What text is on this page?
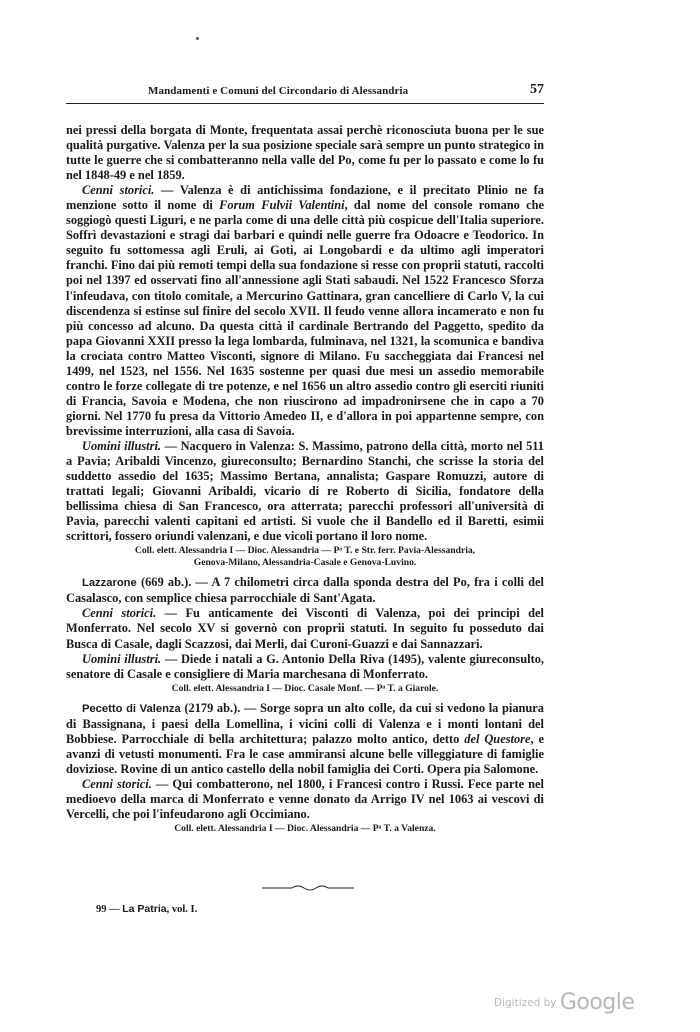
Mandamenti e Comuni del Circondario di Alessandria	57

nei pressi della borgata di Monte, frequentata assai perchè riconosciuta buona per le sue qualità purgative. Valenza per la sua posizione speciale sarà sempre un punto strategico in tutte le guerre che si combatteranno nella valle del Po, come fu per lo passato e come lo fu nel 1848-49 e nel 1859.

Cenni storici. — Valenza è di antichissima fondazione, e il precitato Plinio ne fa menzione sotto il nome di Forum Fulvii Valentini, dal nome del console romano che soggiogò questi Liguri, e ne parla come di una delle città più cospicue dell'Italia superiore. Soffrì devastazioni e stragi dai barbari e quindi nelle guerre fra Odoacre e Teodorico. In seguito fu sottomessa agli Eruli, ai Goti, ai Longobardi e da ultimo agli imperatori franchi. Fino dai più remoti tempi della sua fondazione si resse con proprii statuti, raccolti poi nel 1397 ed osservati fino all'annessione agli Stati sabaudi. Nel 1522 Francesco Sforza l'infeudava, con titolo comitale, a Mercurino Gattinara, gran cancelliere di Carlo V, la cui discendenza si estinse sul finire del secolo XVII. Il feudo venne allora incamerato e non fu più concesso ad alcuno. Da questa città il cardinale Bertrando del Paggetto, spedito da papa Giovanni XXII presso la lega lombarda, fulminava, nel 1321, la scomunica e bandiva la crociata contro Matteo Visconti, signore di Milano. Fu saccheggiata dai Francesi nel 1499, nel 1523, nel 1556. Nel 1635 sostenne per quasi due mesi un assedio memorabile contro le forze collegate di tre potenze, e nel 1656 un altro assedio contro gli eserciti riuniti di Francia, Savoia e Modena, che non riuscirono ad impadronirsene che in capo a 70 giorni. Nel 1770 fu presa da Vittorio Amedeo II, e d'allora in poi appartenne sempre, con brevissime interruzioni, alla casa di Savoia.

Uomini illustri. — Nacquero in Valenza: S. Massimo, patrono della città, morto nel 511 a Pavia; Aribaldi Vincenzo, giureconsulto; Bernardino Stanchi, che scrisse la storia del suddetto assedio del 1635; Massimo Bertana, annalista; Gaspare Romuzzi, autore di trattati legali; Giovanni Aribaldi, vicario di re Roberto di Sicilia, fondatore della bellissima chiesa di San Francesco, ora atterrata; parecchi professori all'università di Pavia, parecchi valenti capitani ed artisti. Si vuole che il Bandello ed il Baretti, esimii scrittori, fossero oriundi valenzani, e due vicoli portano il loro nome.

Coll. elett. Alessandria I — Dioc. Alessandria — Pᵃ T. e Str. ferr. Pavia-Alessandria,
Genova-Milano, Alessandria-Casale e Genova-Luvino.

Lazzarone (669 ab.). — A 7 chilometri circa dalla sponda destra del Po, fra i colli del Casalasco, con semplice chiesa parrocchiale di Sant'Agata.

Cenni storici. — Fu anticamente dei Visconti di Valenza, poi dei principi del Monferrato. Nel secolo XV si governò con proprii statuti. In seguito fu posseduto dai Busca di Casale, dagli Scazzosi, dai Merli, dai Curoni-Guazzi e dai Sannazzari.

Uomini illustri. — Diede i natali a G. Antonio Della Riva (1495), valente giureconsulto, senatore di Casale e consigliere di Maria marchesana di Monferrato.

Coll. elett. Alessandria I — Dioc. Casale Monf. — Pᵃ T. a Giarole.

Pecetto di Valenza (2179 ab.). — Sorge sopra un alto colle, da cui si vedono la pianura di Bassignana, i paesi della Lomellina, i vicini colli di Valenza e i monti lontani del Bobbiese. Parrocchiale di bella architettura; palazzo molto antico, detto del Questore, e avanzi di vetusti monumenti. Fra le case ammiransi alcune belle villeggiature di famiglie doviziose. Rovine di un antico castello della nobil famiglia dei Corti. Opera pia Salomone.

Cenni storici. — Qui combatterono, nel 1800, i Francesi contro i Russi. Fece parte nel medioevo della marca di Monferrato e venne donato da Arrigo IV nel 1063 ai vescovi di Vercelli, che poi l'infeudarono agli Occimiano.

Coll. elett. Alessandria I — Dioc. Alessandria — Pᵃ T. a Valenza.
99 — La Patria, vol. I.
Digitized by Google
